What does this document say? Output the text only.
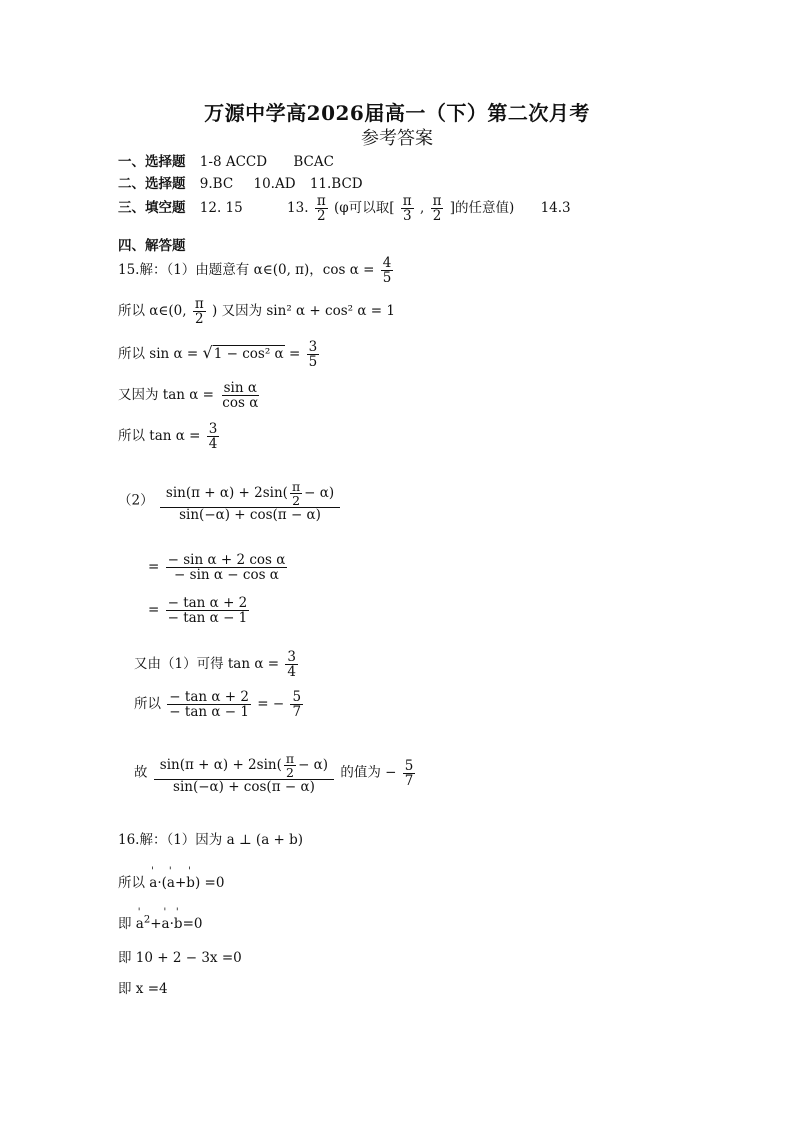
万源中学高2026届高一（下）第二次月考
参考答案
一、选择题 1-8 ACCD BCAC
二、选择题 9.BC 10.AD 11.BCD
三、填空题 12. 15	13. $\frac{\pi}{2} (\varphi$可以取[ $\frac{\pi}{3}$ , $\frac{\pi}{2}$ ]的任意值) 14.3
四、解答题
15.解：（1）由题意有 α∈(0, π)，$\cos \alpha = \frac{4}{5}$
所以 α∈(0, $\frac{\pi}{2}$ ) 又因为 sin² α + cos² α = 1
所以 sin α = √1 − cos² $\alpha = \frac{3}{5}$
又因为 $\tan \alpha = \frac{\text{sin α}}{\text{cos α}}$
所以 $\tan \alpha = \frac{3}{4}$
$(2) \frac{\sin(\pi + \alpha) + 2\sin( \frac{\pi}{2} - \alpha)}{\sin(-\alpha) + \cos(\pi - \alpha)}$
= $\frac{\text{− sin α + 2 cos α}}{\text{− sin α − cos α}}$
= $\frac{\text{− tan α + 2}}{\text{− tan α − 1}}$
又由（1）可得 $\tan \alpha = \frac{3}{4}$
所以 $\frac{\text{− tan α + 2}}{\text{− tan α − 1}}$ = − $\frac{5}{7}$
故 $\frac{\sin(\pi + \alpha) + 2\sin( \frac{\pi}{2} - \alpha)}{\sin(-\alpha) + \cos(\pi - \alpha)}$ 的值为 − $\frac{5}{7}$
16.解：（1）因为 a ⊥ (a + b)
所以 ' a·(' a+' b) =0
即 ' $a^2+'$ a·' b=0
即 10 + 2 − 3x =0
即 x =4
